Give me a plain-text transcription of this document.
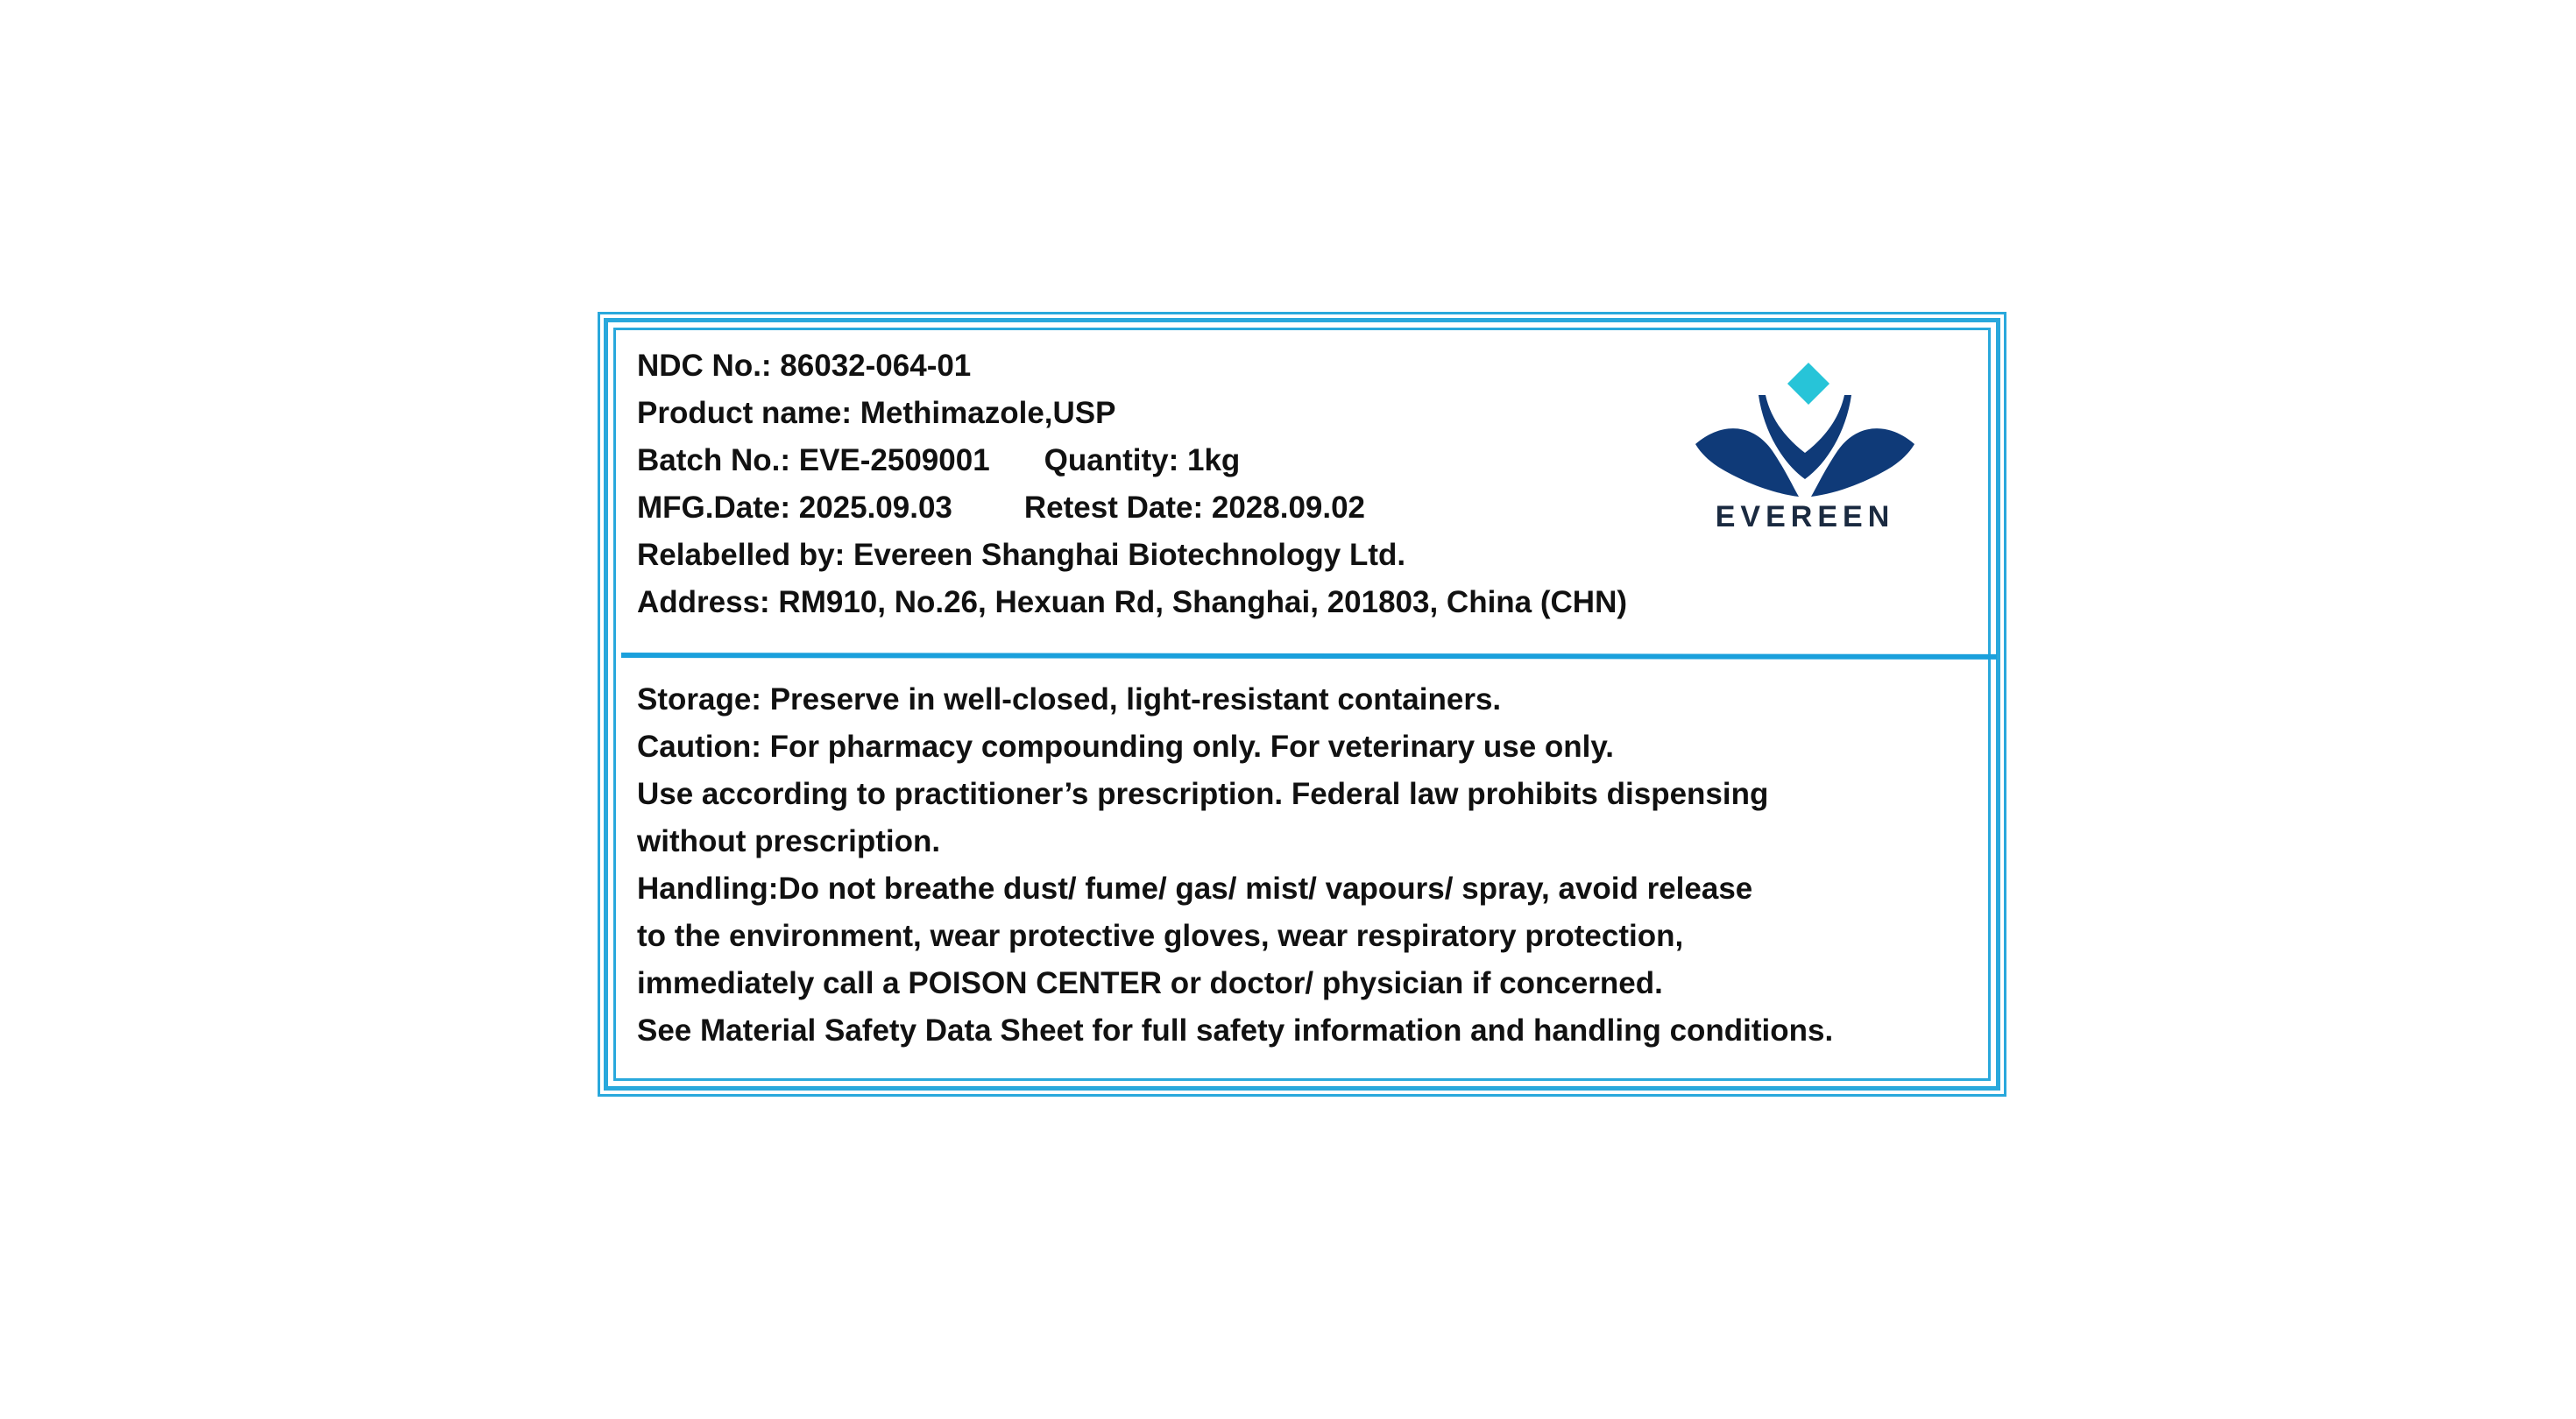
NDC No.: 86032-064-01
Product name: Methimazole,USP
Batch No.: EVE-2509001 Quantity: 1kg
MFG.Date: 2025.09.03 Retest Date: 2028.09.02
Relabelled by: Evereen Shanghai Biotechnology Ltd.
Address: RM910, No.26, Hexuan Rd, Shanghai, 201803, China (CHN)
EVEREEN
Storage: Preserve in well-closed, light-resistant containers.
Caution: For pharmacy compounding only. For veterinary use only.
Use according to practitioner’s prescription. Federal law prohibits dispensing
without prescription.
Handling:Do not breathe dust/ fume/ gas/ mist/ vapours/ spray, avoid release
to the environment, wear protective gloves, wear respiratory protection,
immediately call a POISON CENTER or doctor/ physician if concerned.
See Material Safety Data Sheet for full safety information and handling conditions.
